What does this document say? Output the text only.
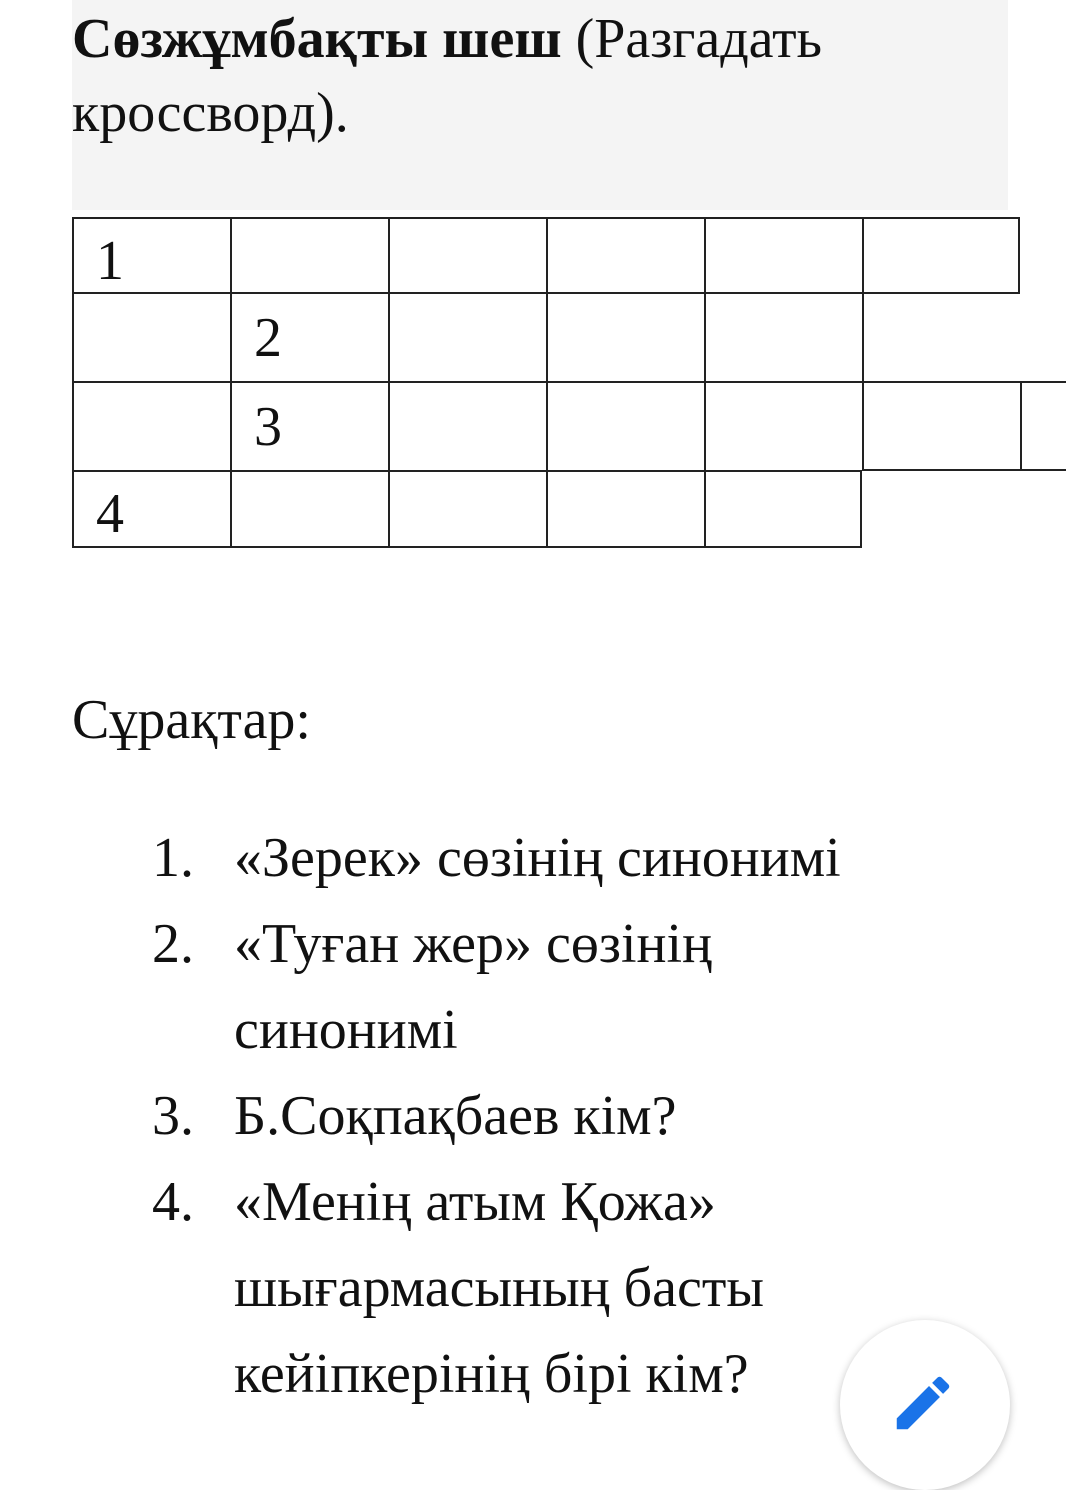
Сөзжұмбақты шеш (Разгадать кроссворд).
1
2
3
4
Сұрақтар:
1. «Зерек» сөзінің синонимі
2. «Туған жер» сөзінің синонимі
3. Б.Соқпақбаев кім?
4. «Менің атым Қожа» шығармасының басты кейіпкерінің бірі кім?
